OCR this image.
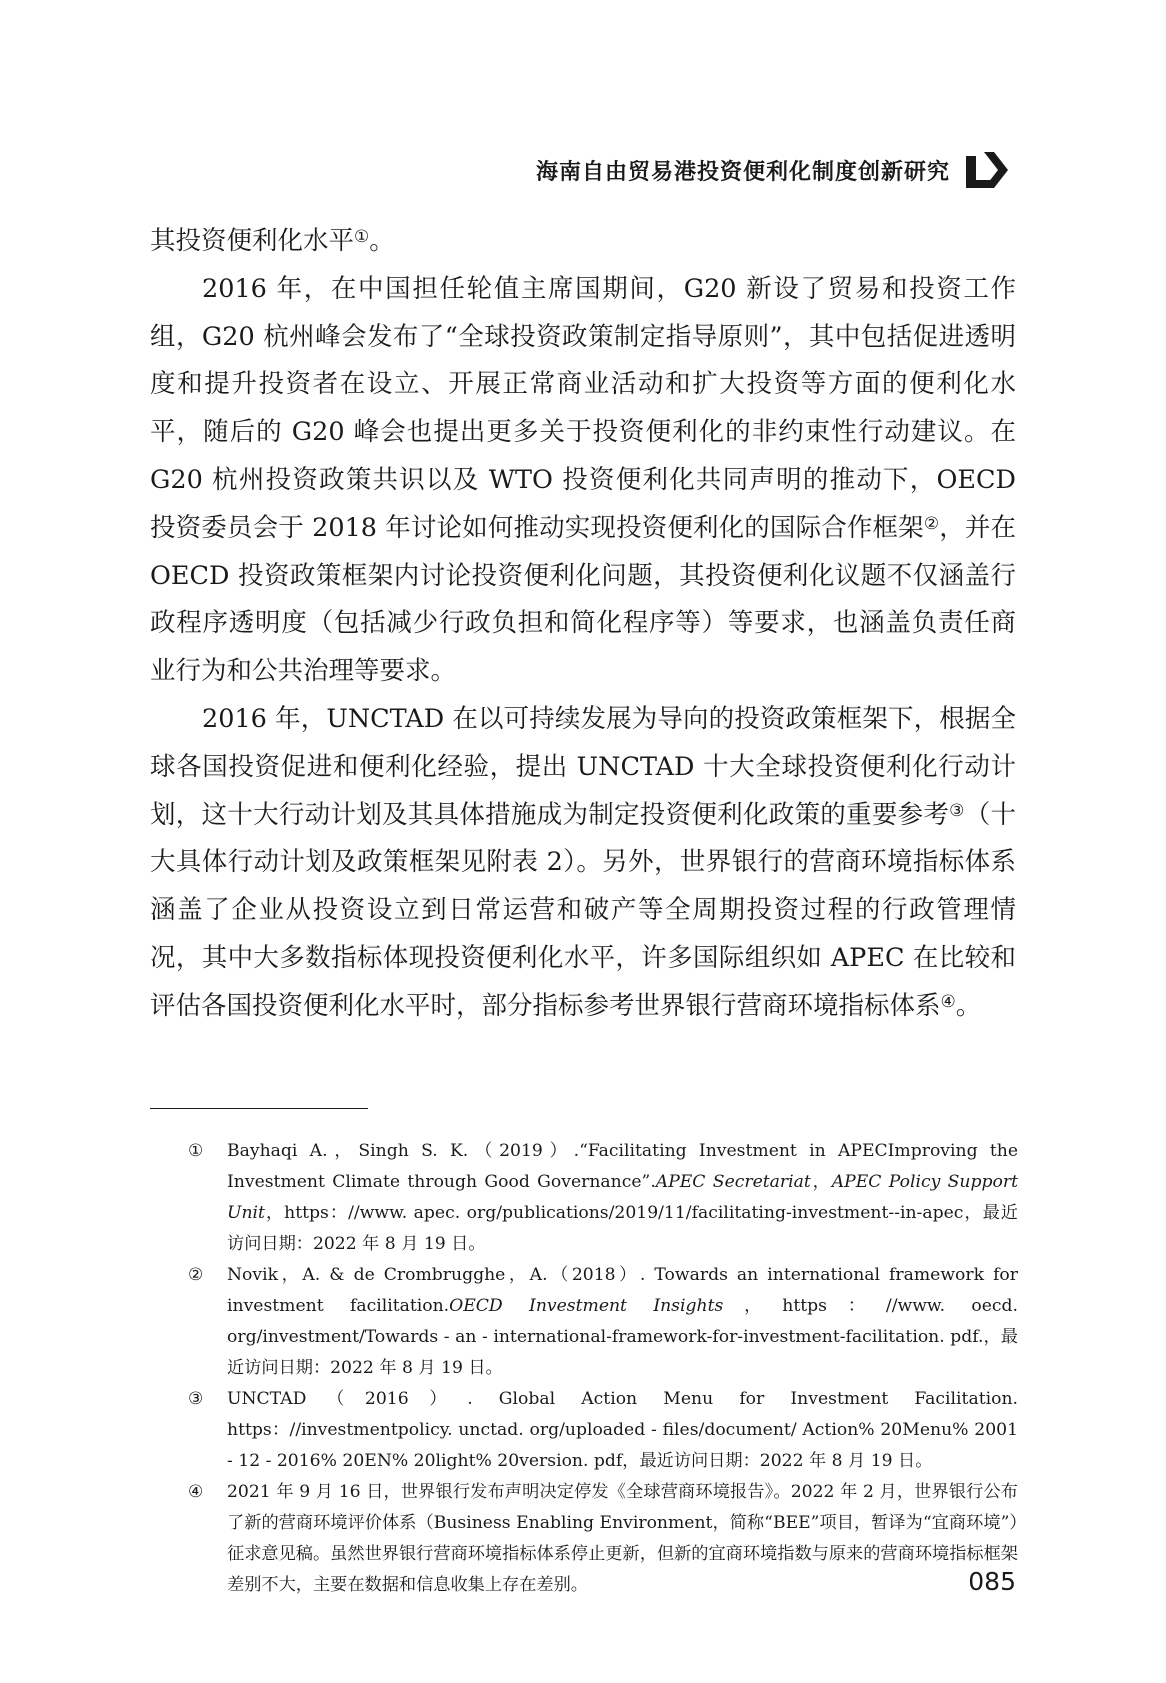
海南自由贸易港投资便利化制度创新研究

其投资便利化水平①。

2016 年，在中国担任轮值主席国期间，G20 新设了贸易和投资工作组，G20 杭州峰会发布了“全球投资政策制定指导原则”，其中包括促进透明度和提升投资者在设立、开展正常商业活动和扩大投资等方面的便利化水平，随后的 G20 峰会也提出更多关于投资便利化的非约束性行动建议。在 G20 杭州投资政策共识以及 WTO 投资便利化共同声明的推动下，OECD 投资委员会于 2018 年讨论如何推动实现投资便利化的国际合作框架②，并在 OECD 投资政策框架内讨论投资便利化问题，其投资便利化议题不仅涵盖行政程序透明度（包括减少行政负担和简化程序等）等要求，也涵盖负责任商业行为和公共治理等要求。

2016 年，UNCTAD 在以可持续发展为导向的投资政策框架下，根据全球各国投资促进和便利化经验，提出 UNCTAD 十大全球投资便利化行动计划，这十大行动计划及其具体措施成为制定投资便利化政策的重要参考③（十大具体行动计划及政策框架见附表 2）。另外，世界银行的营商环境指标体系涵盖了企业从投资设立到日常运营和破产等全周期投资过程的行政管理情况，其中大多数指标体现投资便利化水平，许多国际组织如 APEC 在比较和评估各国投资便利化水平时，部分指标参考世界银行营商环境指标体系④。

①	Bayhaqi A.，Singh S. K.（2019）.“Facilitating Investment in APECImproving the Investment Climate through Good Governance”.APEC Secretariat，APEC Policy Support Unit，https：//www. apec. org/publications/2019/11/facilitating-investment--in-apec，最近访问日期：2022 年 8 月 19 日。
②	Novik，A. & de Crombrugghe，A.（2018）. Towards an international framework for investment facilitation.OECD Investment Insights，https：//www. oecd. org/investment/Towards - an - international-framework-for-investment-facilitation. pdf.，最近访问日期：2022 年 8 月 19 日。
③	UNCTAD（2016）. Global Action Menu for Investment Facilitation. https：//investmentpolicy. unctad. org/uploaded - files/document/ Action% 20Menu% 2001 - 12 - 2016% 20EN% 20light% 20version. pdf，最近访问日期：2022 年 8 月 19 日。
④	2021 年 9 月 16 日，世界银行发布声明决定停发《全球营商环境报告》。2022 年 2 月，世界银行公布了新的营商环境评价体系（Business Enabling Environment，简称“BEE”项目，暂译为“宜商环境”）征求意见稿。虽然世界银行营商环境指标体系停止更新，但新的宜商环境指数与原来的营商环境指标框架差别不大，主要在数据和信息收集上存在差别。	085
